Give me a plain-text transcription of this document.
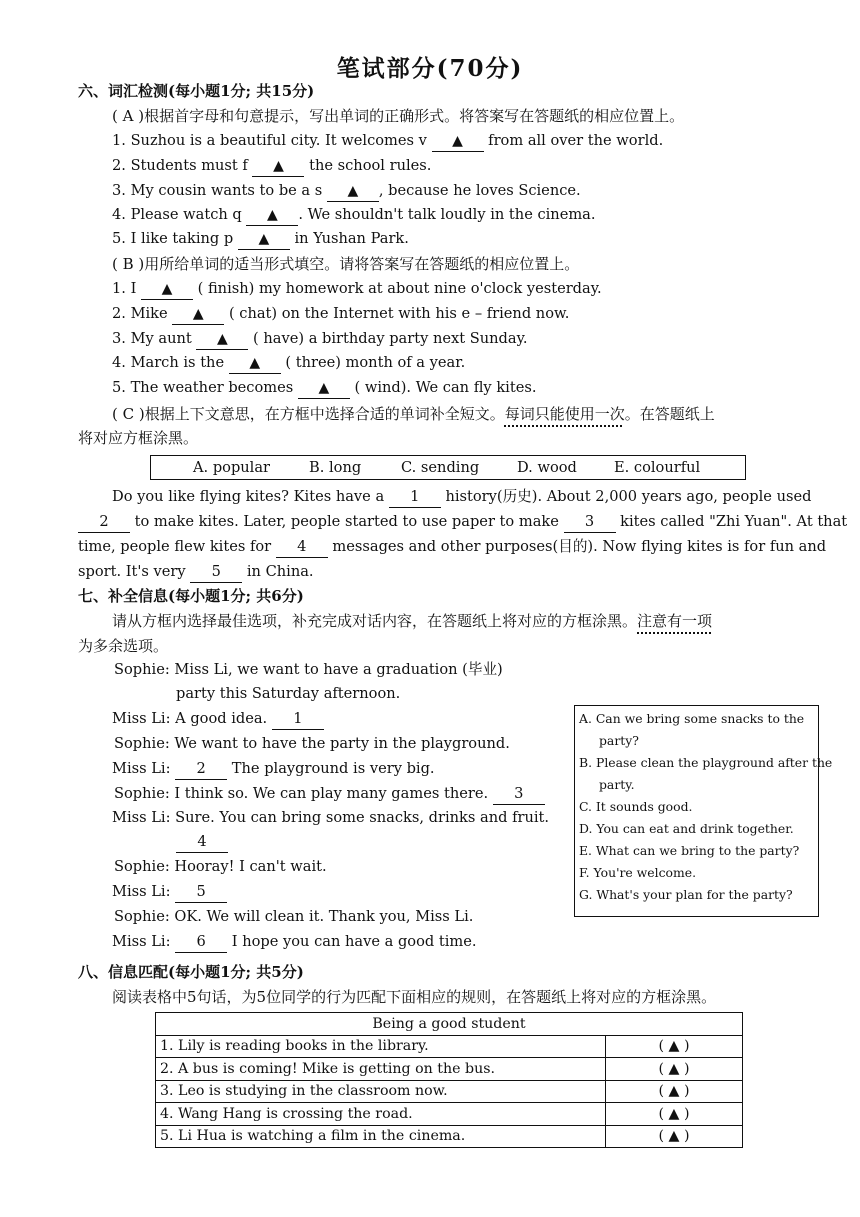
笔试部分(70分)
六、词汇检测(每小题1分; 共15分)
( A )根据首字母和句意提示，写出单词的正确形式。将答案写在答题纸的相应位置上。
1. Suzhou is a beautiful city. It welcomes v ▲ from all over the world.
2. Students must f ▲ the school rules.
3. My cousin wants to be a s ▲ , because he loves Science.
4. Please watch q ▲ . We shouldn't talk loudly in the cinema.
5. I like taking p ▲ in Yushan Park.
( B )用所给单词的适当形式填空。请将答案写在答题纸的相应位置上。
1. I ▲ ( finish) my homework at about nine o'clock yesterday.
2. Mike ▲ ( chat) on the Internet with his e – friend now.
3. My aunt ▲ ( have) a birthday party next Sunday.
4. March is the ▲ ( three) month of a year.
5. The weather becomes ▲ ( wind). We can fly kites.
( C )根据上下文意思，在方框中选择合适的单词补全短文。每词只能使用一次。在答题纸上
将对应方框涂黑。
A. popular	B. long	C. sending	D. wood	E. colourful
Do you like flying kites? Kites have a 1 history(历史). About 2,000 years ago, people used
2 to make kites. Later, people started to use paper to make 3 kites called "Zhi Yuan". At that
time, people flew kites for 4 messages and other purposes(目的). Now flying kites is for fun and
sport. It's very 5 in China.
七、补全信息(每小题1分; 共6分)
请从方框内选择最佳选项，补充完成对话内容，在答题纸上将对应的方框涂黑。注意有一项
为多余选项。
Sophie: Miss Li, we want to have a graduation (毕业)
party this Saturday afternoon.
Miss Li: A good idea. 1
Sophie: We want to have the party in the playground.
Miss Li: 2 The playground is very big.
Sophie: I think so. We can play many games there. 3
Miss Li: Sure. You can bring some snacks, drinks and fruit.
4
Sophie: Hooray! I can't wait.
Miss Li: 5
Sophie: OK. We will clean it. Thank you, Miss Li.
Miss Li: 6 I hope you can have a good time.
A. Can we bring some snacks to the
party?
B. Please clean the playground after the
party.
C. It sounds good.
D. You can eat and drink together.
E. What can we bring to the party?
F. You're welcome.
G. What's your plan for the party?
八、信息匹配(每小题1分; 共5分)
阅读表格中5句话，为5位同学的行为匹配下面相应的规则，在答题纸上将对应的方框涂黑。
Being a good student	
1. Lily is reading books in the library.	( ▲ )
2. A bus is coming! Mike is getting on the bus.	( ▲ )
3. Leo is studying in the classroom now.	( ▲ )
4. Wang Hang is crossing the road.	( ▲ )
5. Li Hua is watching a film in the cinema.	( ▲ )
